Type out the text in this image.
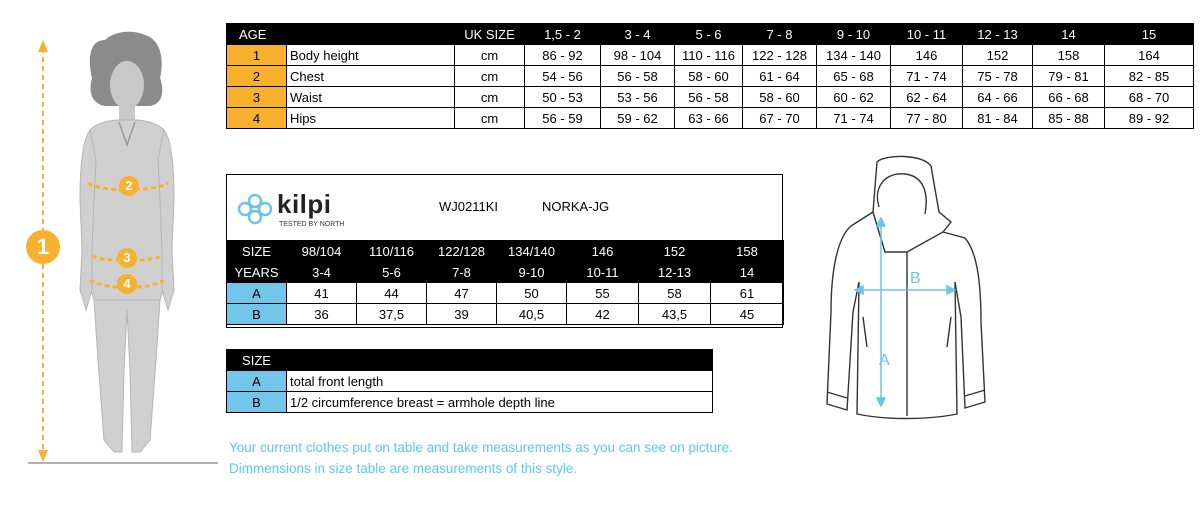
1
2
3
4
AGE		UK SIZE	1,5 - 2	3 - 4	5 - 6	7 - 8	9 - 10	10 - 11	12 - 13	14	15
1	Body height	cm	86 - 92	98 - 104	110 - 116	122 - 128	134 - 140	146	152	158	164
2	Chest	cm	54 - 56	56 - 58	58 - 60	61 - 64	65 - 68	71 - 74	75 - 78	79 - 81	82 - 85
3	Waist	cm	50 - 53	53 - 56	56 - 58	58 - 60	60 - 62	62 - 64	64 - 66	66 - 68	68 - 70
4	Hips	cm	56 - 59	59 - 62	63 - 66	67 - 70	71 - 74	77 - 80	81 - 84	85 - 88	89 - 92
kilpi
TESTED BY NORTH
WJ0211KI	NORKA-JG
SIZE	98/104	110/116	122/128	134/140	146	152	158
YEARS	3-4	5-6	7-8	9-10	10-11	12-13	14
A	41	44	47	50	55	58	61
B	36	37,5	39	40,5	42	43,5	45
SIZE	
A	total front length
B	1/2 circumference breast = armhole depth line
Your current clothes put on table and take measurements as you can see on picture.
Dimmensions in size table are measurements of this style.
A
B
